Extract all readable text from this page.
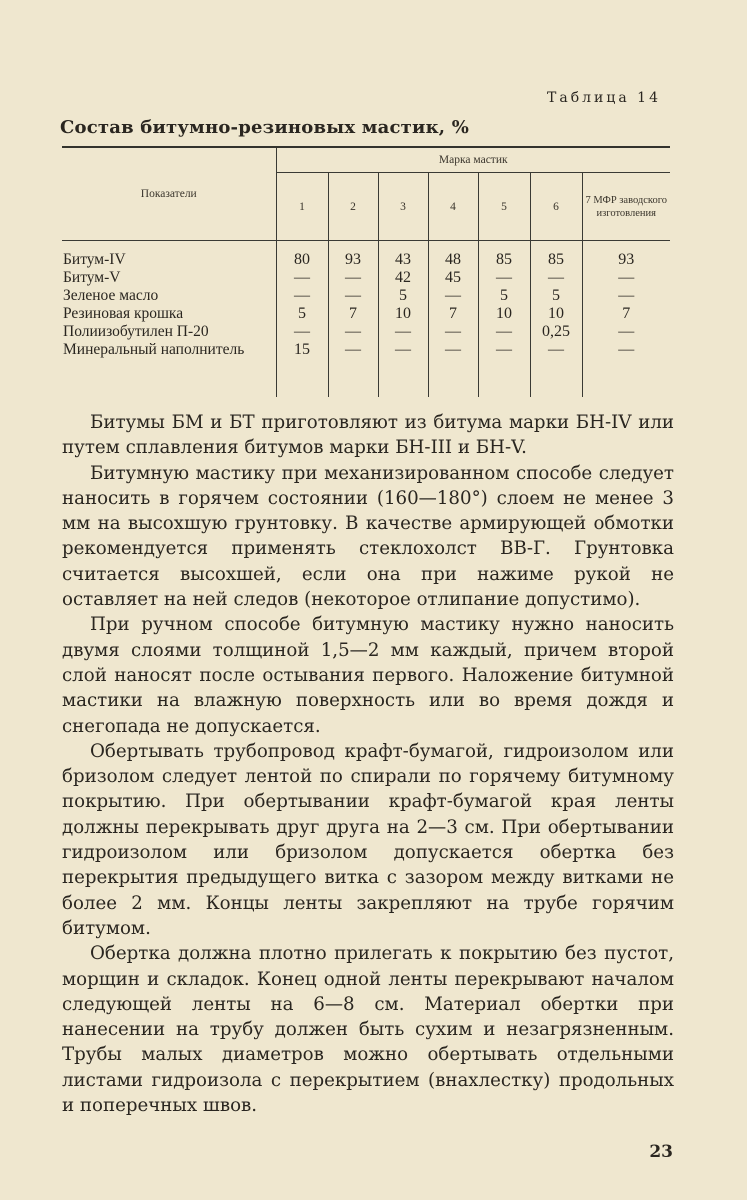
Таблица 14
Состав битумно-резиновых мастик, %
Показатели	Марка мастик						
	1	2	3	4	5	6	7 МФР заводского изготовления
Битум-IV	80	93	43	48	85	85	93
Битум-V	—	—	42	45	—	—	—
Зеленое масло	—	—	5	—	5	5	—
Резиновая крошка	5	7	10	7	10	10	7
Полиизобутилен П-20	—	—	—	—	—	0,25	—
Минеральный наполнитель	15	—	—	—	—	—	—

Битумы БМ и БТ приготовляют из битума марки БН-IV или путем сплавления битумов марки БН-III и БН-V.

Битумную мастику при механизированном способе следует наносить в горячем состоянии (160—180°) слоем не менее 3 мм на высохшую грунтовку. В качестве армирующей обмотки рекомендуется применять стеклохолст ВВ-Г. Грунтовка считается высохшей, если она при нажиме рукой не оставляет на ней следов (некоторое отлипание допустимо).

При ручном способе битумную мастику нужно наносить двумя слоями толщиной 1,5—2 мм каждый, причем второй слой наносят после остывания первого. Наложение битумной мастики на влажную поверхность или во время дождя и снегопада не допускается.

Обертывать трубопровод крафт-бумагой, гидроизолом или бризолом следует лентой по спирали по горячему битумному покрытию. При обертывании крафт-бумагой края ленты должны перекрывать друг друга на 2—3 см. При обертывании гидроизолом или бризолом допускается обертка без перекрытия предыдущего витка с зазором между витками не более 2 мм. Концы ленты закрепляют на трубе горячим битумом.

Обертка должна плотно прилегать к покрытию без пустот, морщин и складок. Конец одной ленты перекрывают началом следующей ленты на 6—8 см. Материал обертки при нанесении на трубу должен быть сухим и незагрязненным. Трубы малых диаметров можно обертывать отдельными листами гидроизола с перекрытием (внахлестку) продольных и поперечных швов.

23
